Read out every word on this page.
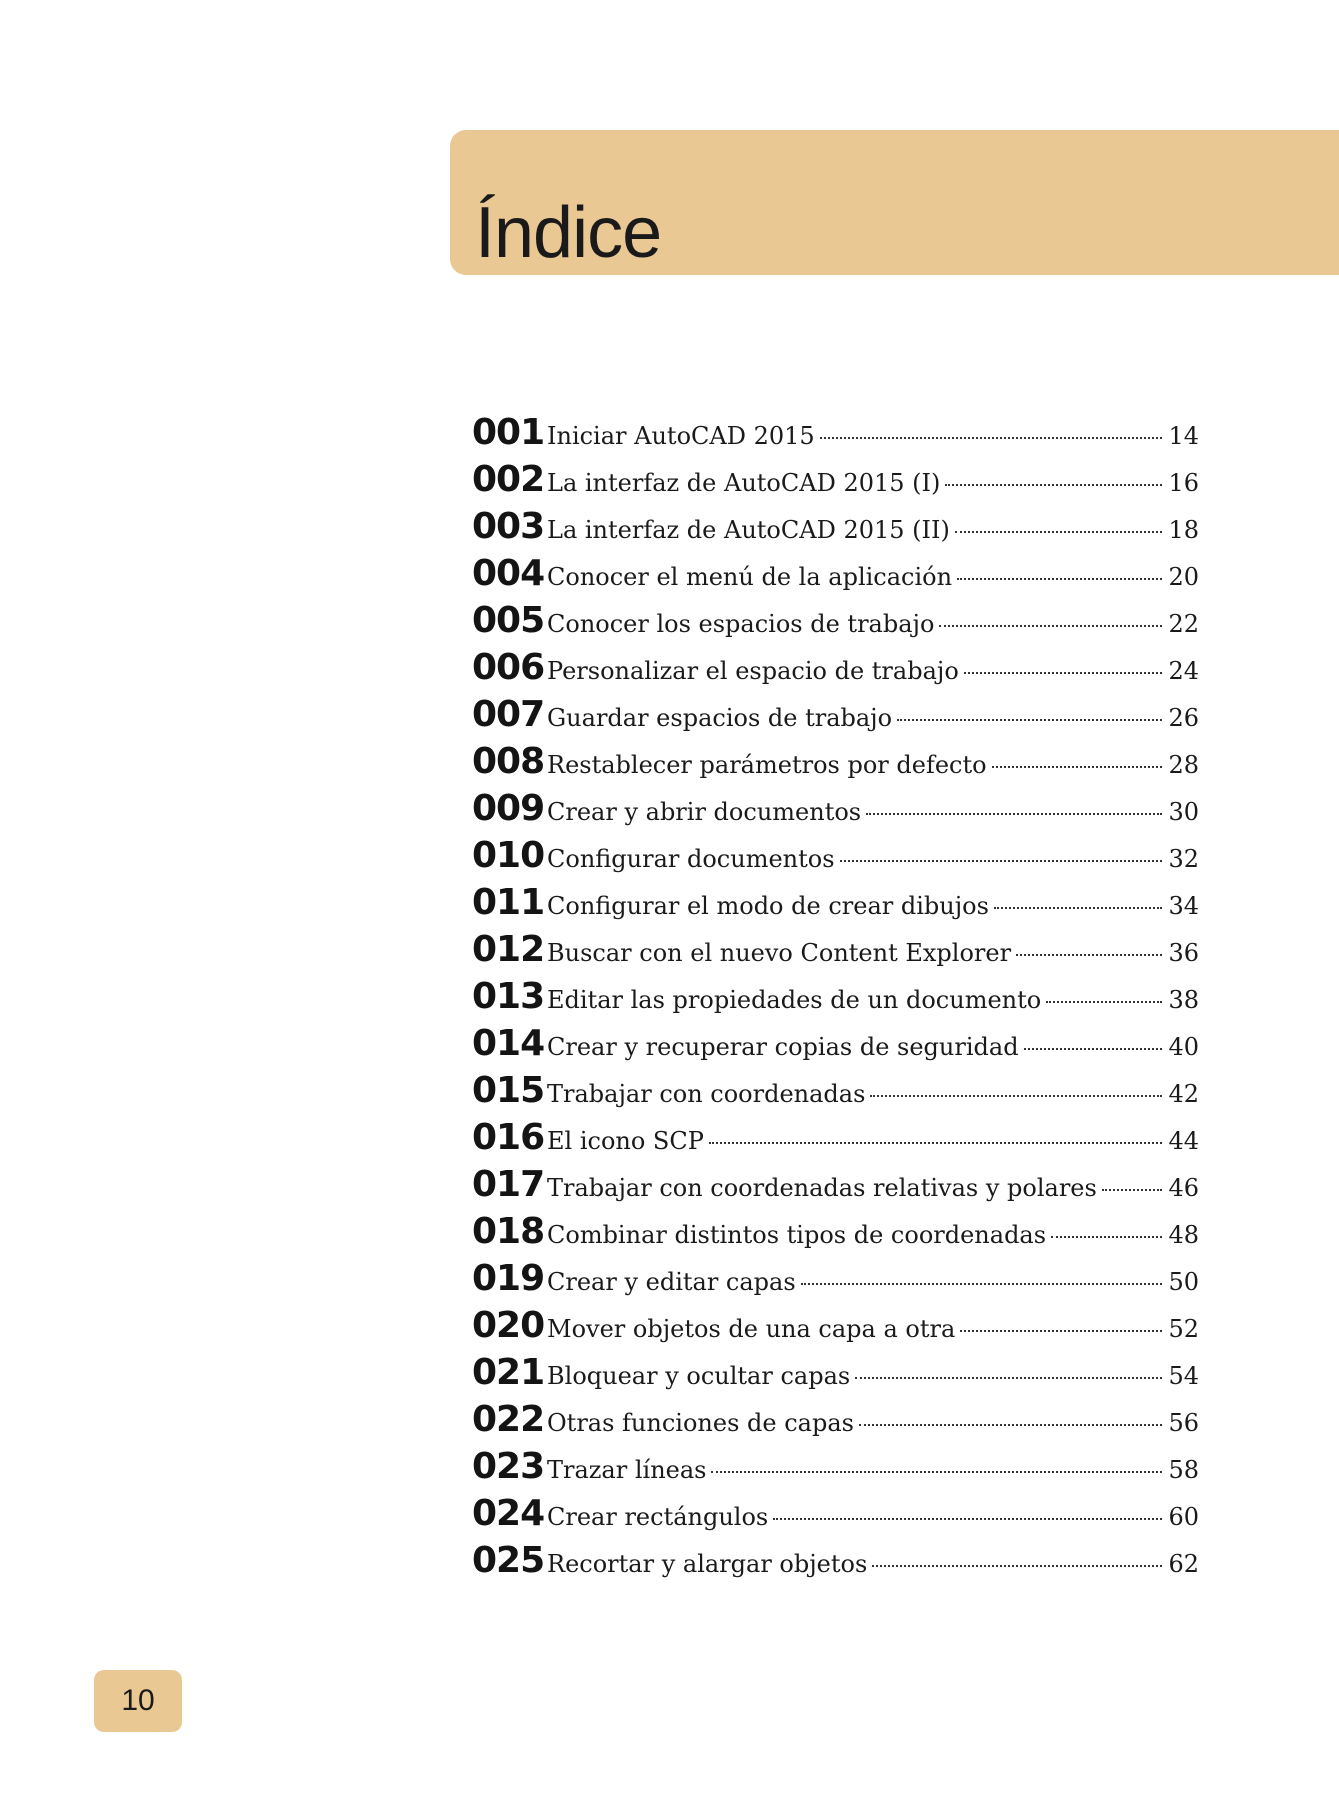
Índice
001 Iniciar AutoCAD 2015	14
002 La interfaz de AutoCAD 2015 (I)	16
003 La interfaz de AutoCAD 2015 (II)	18
004 Conocer el menú de la aplicación	20
005 Conocer los espacios de trabajo	22
006 Personalizar el espacio de trabajo	24
007 Guardar espacios de trabajo	26
008 Restablecer parámetros por defecto	28
009 Crear y abrir documentos	30
010 Configurar documentos	32
011 Configurar el modo de crear dibujos	34
012 Buscar con el nuevo Content Explorer	36
013 Editar las propiedades de un documento	38
014 Crear y recuperar copias de seguridad	40
015 Trabajar con coordenadas	42
016 El icono SCP	44
017 Trabajar con coordenadas relativas y polares	46
018 Combinar distintos tipos de coordenadas	48
019 Crear y editar capas	50
020 Mover objetos de una capa a otra	52
021 Bloquear y ocultar capas	54
022 Otras funciones de capas	56
023 Trazar líneas	58
024 Crear rectángulos	60
025 Recortar y alargar objetos	62
10
